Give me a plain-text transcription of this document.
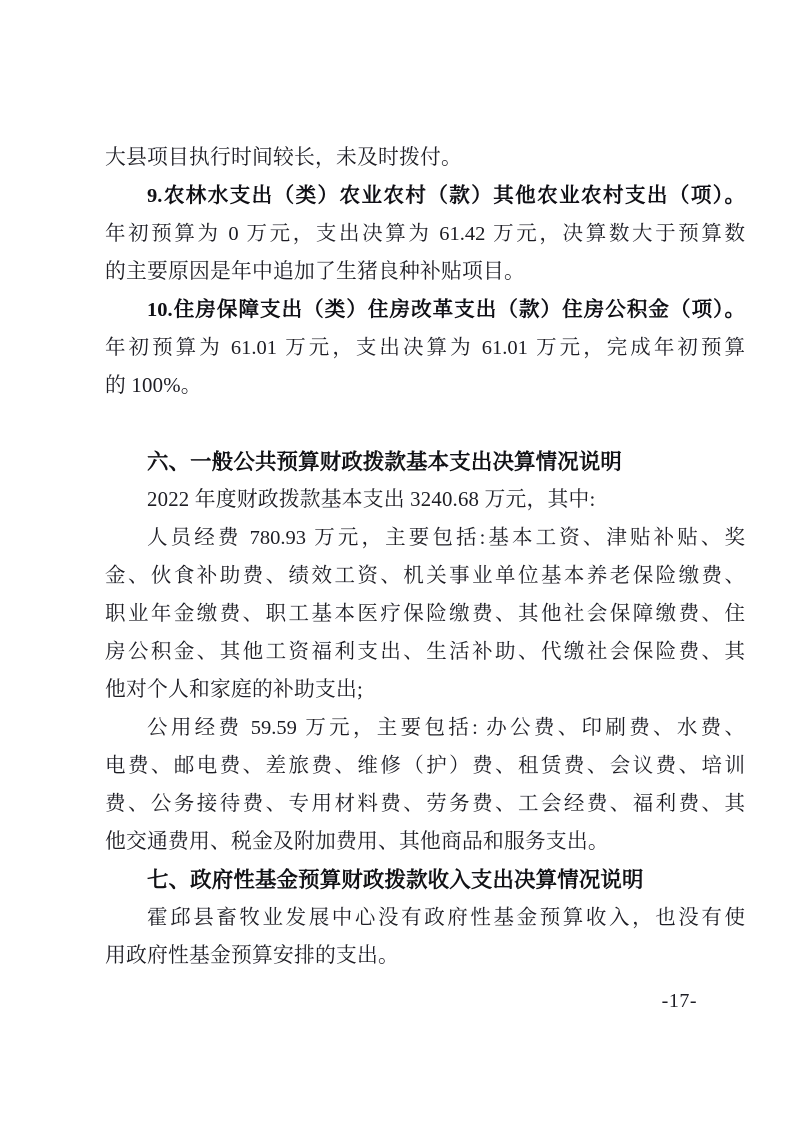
大县项目执行时间较长，未及时拨付。
9.农林水支出（类）农业农村（款）其他农业农村支出（项）。
年初预算为 0 万元，支出决算为 61.42 万元，决算数大于预算数
的主要原因是年中追加了生猪良种补贴项目。
10.住房保障支出（类）住房改革支出（款）住房公积金（项）。
年初预算为 61.01 万元，支出决算为 61.01 万元，完成年初预算
的 100%。
六、一般公共预算财政拨款基本支出决算情况说明
2022 年度财政拨款基本支出 3240.68 万元，其中:
人员经费 780.93 万元，主要包括:基本工资、津贴补贴、奖
金、伙食补助费、绩效工资、机关事业单位基本养老保险缴费、
职业年金缴费、职工基本医疗保险缴费、其他社会保障缴费、住
房公积金、其他工资福利支出、生活补助、代缴社会保险费、其
他对个人和家庭的补助支出;
公用经费 59.59 万元，主要包括: 办公费、印刷费、水费、
电费、邮电费、差旅费、维修（护）费、租赁费、会议费、培训
费、公务接待费、专用材料费、劳务费、工会经费、福利费、其
他交通费用、税金及附加费用、其他商品和服务支出。
七、政府性基金预算财政拨款收入支出决算情况说明
霍邱县畜牧业发展中心没有政府性基金预算收入，也没有使
用政府性基金预算安排的支出。
-17-
